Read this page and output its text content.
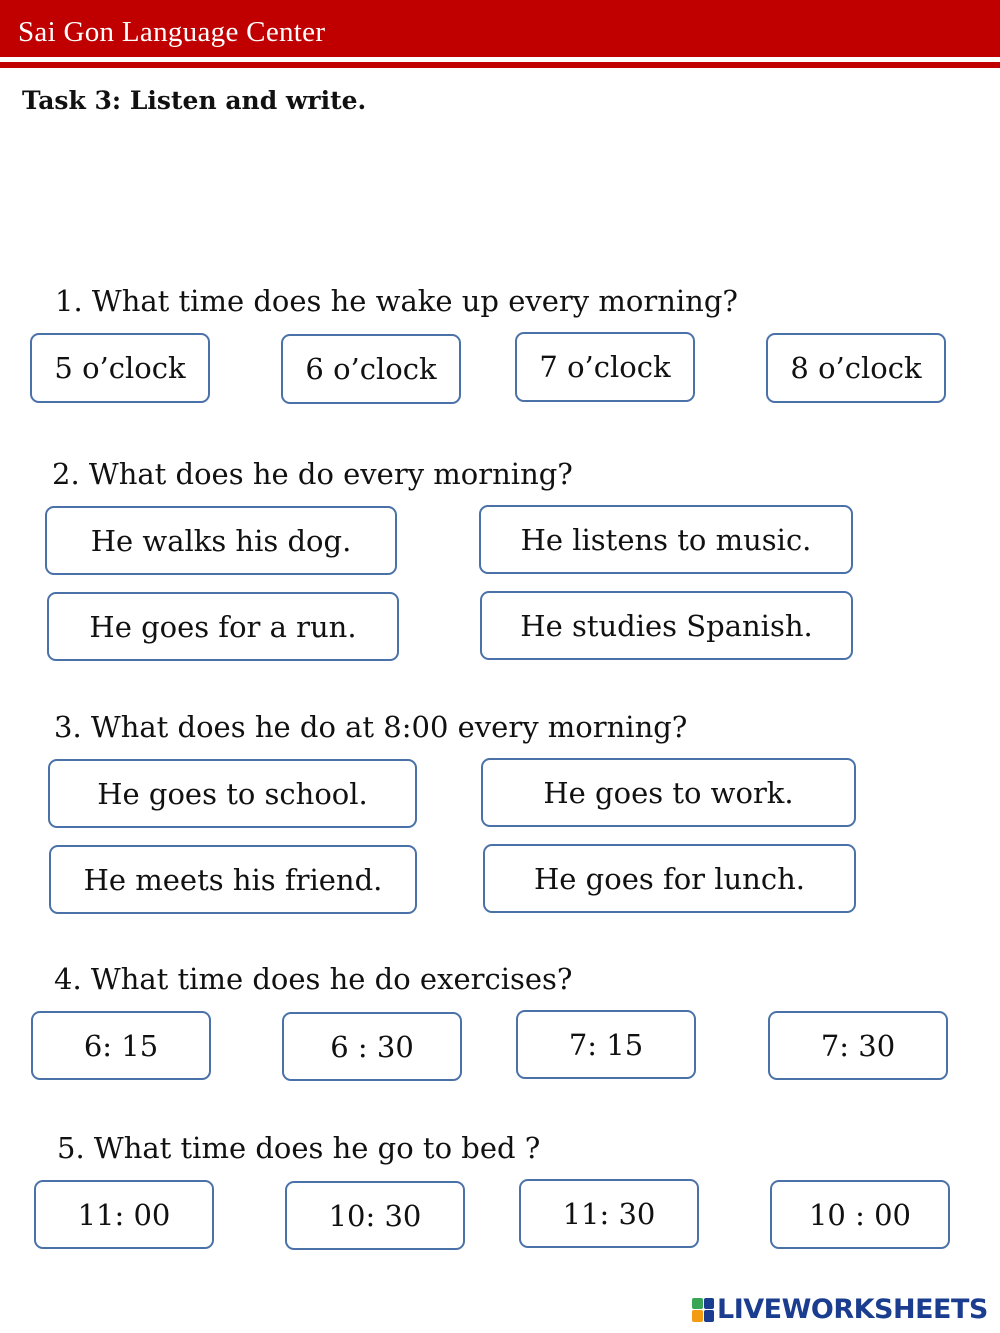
Sai Gon Language Center
Task 3: Listen and write.
1. What time does he wake up every morning?
5 o’clock	6 o’clock	7 o’clock	8 o’clock
2. What does he do every morning?
He walks his dog.	He listens to music.
He goes for a run.	He studies Spanish.
3. What does he do at 8:00 every morning?
He goes to school.	He goes to work.
He meets his friend.	He goes for lunch.
4. What time does he do exercises?
6: 15	6 : 30	7: 15	7: 30
5. What time does he go to bed ?
11: 00	10: 30	11: 30	10 : 00
LIVEWORKSHEETS
